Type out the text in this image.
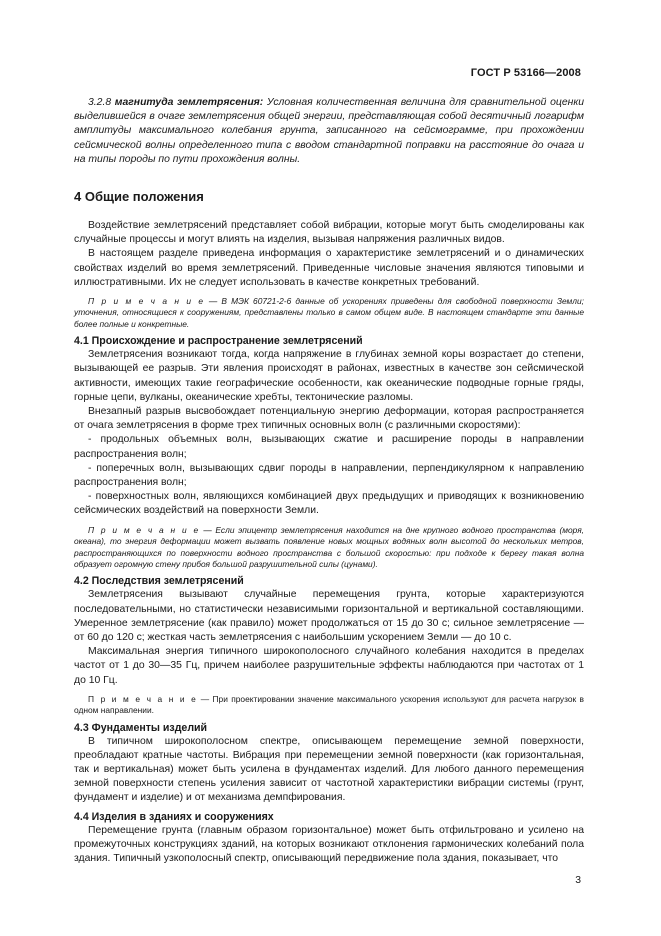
ГОСТ Р 53166—2008

3.2.8 магнитуда землетрясения: Условная количественная величина для сравнительной оценки выделившейся в очаге землетрясения общей энергии, представляющая собой десятичный логарифм амплитуды максимального колебания грунта, записанного на сейсмограмме, при прохождении сейсмической волны определенного типа с вводом стандартной поправки на расстояние до очага и на типы породы по пути прохождения волны.

4 Общие положения

Воздействие землетрясений представляет собой вибрации, которые могут быть смоделированы как случайные процессы и могут влиять на изделия, вызывая напряжения различных видов.

В настоящем разделе приведена информация о характеристике землетрясений и о динамических свойствах изделий во время землетрясений. Приведенные числовые значения являются типовыми и иллюстративными. Их не следует использовать в качестве конкретных требований.

П р и м е ч а н и е — В МЭК 60721-2-6 данные об ускорениях приведены для свободной поверхности Земли; уточнения, относящиеся к сооружениям, представлены только в самом общем виде. В настоящем стандарте эти данные более полные и конкретные.

4.1 Происхождение и распространение землетрясений

Землетрясения возникают тогда, когда напряжение в глубинах земной коры возрастает до степени, вызывающей ее разрыв. Эти явления происходят в районах, известных в качестве зон сейсмической активности, имеющих такие географические особенности, как океанические подводные горные гряды, горные цепи, вулканы, океанические хребты, тектонические разломы.

Внезапный разрыв высвобождает потенциальную энергию деформации, которая распространяется от очага землетрясения в форме трех типичных основных волн (с различными скоростями):

- продольных объемных волн, вызывающих сжатие и расширение породы в направлении распространения волн;

- поперечных волн, вызывающих сдвиг породы в направлении, перпендикулярном к направлению распространения волн;

- поверхностных волн, являющихся комбинацией двух предыдущих и приводящих к возникновению сейсмических воздействий на поверхности Земли.

П р и м е ч а н и е — Если эпицентр землетрясения находится на дне крупного водного пространства (моря, океана), то энергия деформации может вызвать появление новых мощных водяных волн высотой до нескольких метров, распространяющихся по поверхности водного пространства с большой скоростью: при подходе к берегу такая волна образует огромную стену прибоя большой разрушительной силы (цунами).

4.2 Последствия землетрясений

Землетрясения вызывают случайные перемещения грунта, которые характеризуются последовательными, но статистически независимыми горизонтальной и вертикальной составляющими. Умеренное землетрясение (как правило) может продолжаться от 15 до 30 с; сильное землетрясение — от 60 до 120 с; жесткая часть землетрясения с наибольшим ускорением Земли — до 10 с.

Максимальная энергия типичного широкополосного случайного колебания находится в пределах частот от 1 до 30—35 Гц, причем наиболее разрушительные эффекты наблюдаются при частотах от 1 до 10 Гц.

П р и м е ч а н и е — При проектировании значение максимального ускорения используют для расчета нагрузок в одном направлении.

4.3 Фундаменты изделий

В типичном широкополосном спектре, описывающем перемещение земной поверхности, преобладают кратные частоты. Вибрация при перемещении земной поверхности (как горизонтальная, так и вертикальная) может быть усилена в фундаментах изделий. Для любого данного перемещения земной поверхности степень усиления зависит от частотной характеристики вибрации системы (грунт, фундамент и изделие) и от механизма демпфирования.

4.4 Изделия в зданиях и сооружениях

Перемещение грунта (главным образом горизонтальное) может быть отфильтровано и усилено на промежуточных конструкциях зданий, на которых возникают отклонения гармонических колебаний пола здания. Типичный узкополосный спектр, описывающий передвижение пола здания, показывает, что

3
